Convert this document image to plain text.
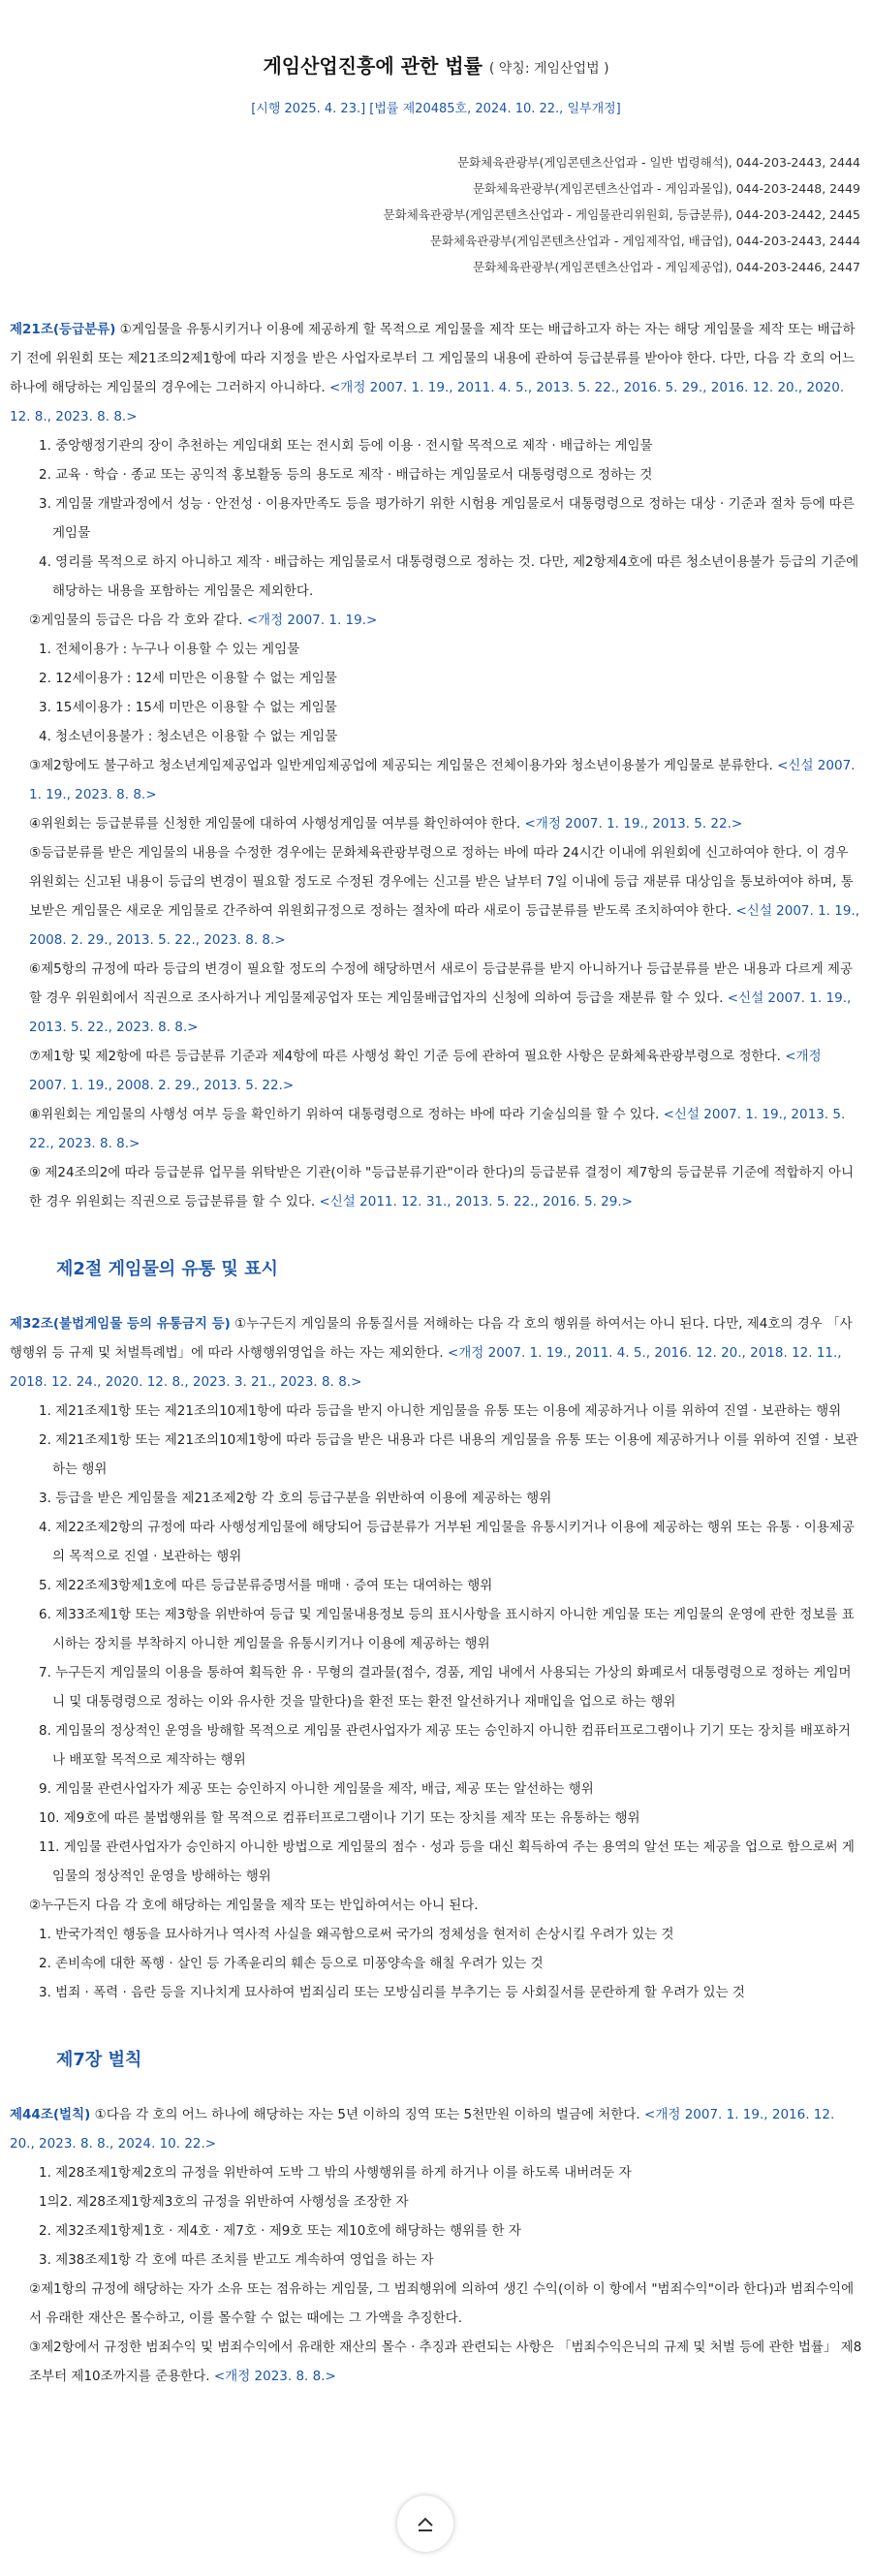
게임산업진흥에 관한 법률 ( 약칭: 게임산업법 )
[시행 2025. 4. 23.] [법률 제20485호, 2024. 10. 22., 일부개정]
문화체육관광부(게임콘텐츠산업과 - 일반 법령해석), 044-203-2443, 2444
문화체육관광부(게임콘텐츠산업과 - 게임과몰입), 044-203-2448, 2449
문화체육관광부(게임콘텐츠산업과 - 게임물관리위원회, 등급분류), 044-203-2442, 2445
문화체육관광부(게임콘텐츠산업과 - 게임제작업, 배급업), 044-203-2443, 2444
문화체육관광부(게임콘텐츠산업과 - 게임제공업), 044-203-2446, 2447

제21조(등급분류) ①게임물을 유통시키거나 이용에 제공하게 할 목적으로 게임물을 제작 또는 배급하고자 하는 자는 해당 게임물을 제작 또는 배급하기 전에 위원회 또는 제21조의2제1항에 따라 지정을 받은 사업자로부터 그 게임물의 내용에 관하여 등급분류를 받아야 한다. 다만, 다음 각 호의 어느 하나에 해당하는 게임물의 경우에는 그러하지 아니하다. <개정 2007. 1. 19., 2011. 4. 5., 2013. 5. 22., 2016. 5. 29., 2016. 12. 20., 2020. 12. 8., 2023. 8. 8.>

1. 중앙행정기관의 장이 추천하는 게임대회 또는 전시회 등에 이용 · 전시할 목적으로 제작 · 배급하는 게임물

2. 교육 · 학습 · 종교 또는 공익적 홍보활동 등의 용도로 제작 · 배급하는 게임물로서 대통령령으로 정하는 것

3. 게임물 개발과정에서 성능 · 안전성 · 이용자만족도 등을 평가하기 위한 시험용 게임물로서 대통령령으로 정하는 대상 · 기준과 절차 등에 따른 게임물

4. 영리를 목적으로 하지 아니하고 제작 · 배급하는 게임물로서 대통령령으로 정하는 것. 다만, 제2항제4호에 따른 청소년이용불가 등급의 기준에 해당하는 내용을 포함하는 게임물은 제외한다.

②게임물의 등급은 다음 각 호와 같다. <개정 2007. 1. 19.>

1. 전체이용가 : 누구나 이용할 수 있는 게임물

2. 12세이용가 : 12세 미만은 이용할 수 없는 게임물

3. 15세이용가 : 15세 미만은 이용할 수 없는 게임물

4. 청소년이용불가 : 청소년은 이용할 수 없는 게임물

③제2항에도 불구하고 청소년게임제공업과 일반게임제공업에 제공되는 게임물은 전체이용가와 청소년이용불가 게임물로 분류한다. <신설 2007. 1. 19., 2023. 8. 8.>

④위원회는 등급분류를 신청한 게임물에 대하여 사행성게임물 여부를 확인하여야 한다. <개정 2007. 1. 19., 2013. 5. 22.>

⑤등급분류를 받은 게임물의 내용을 수정한 경우에는 문화체육관광부령으로 정하는 바에 따라 24시간 이내에 위원회에 신고하여야 한다. 이 경우 위원회는 신고된 내용이 등급의 변경이 필요할 정도로 수정된 경우에는 신고를 받은 날부터 7일 이내에 등급 재분류 대상임을 통보하여야 하며, 통보받은 게임물은 새로운 게임물로 간주하여 위원회규정으로 정하는 절차에 따라 새로이 등급분류를 받도록 조치하여야 한다. <신설 2007. 1. 19., 2008. 2. 29., 2013. 5. 22., 2023. 8. 8.>

⑥제5항의 규정에 따라 등급의 변경이 필요할 정도의 수정에 해당하면서 새로이 등급분류를 받지 아니하거나 등급분류를 받은 내용과 다르게 제공할 경우 위원회에서 직권으로 조사하거나 게임물제공업자 또는 게임물배급업자의 신청에 의하여 등급을 재분류 할 수 있다. <신설 2007. 1. 19., 2013. 5. 22., 2023. 8. 8.>

⑦제1항 및 제2항에 따른 등급분류 기준과 제4항에 따른 사행성 확인 기준 등에 관하여 필요한 사항은 문화체육관광부령으로 정한다. <개정 2007. 1. 19., 2008. 2. 29., 2013. 5. 22.>

⑧위원회는 게임물의 사행성 여부 등을 확인하기 위하여 대통령령으로 정하는 바에 따라 기술심의를 할 수 있다. <신설 2007. 1. 19., 2013. 5. 22., 2023. 8. 8.>

⑨ 제24조의2에 따라 등급분류 업무를 위탁받은 기관(이하 "등급분류기관"이라 한다)의 등급분류 결정이 제7항의 등급분류 기준에 적합하지 아니한 경우 위원회는 직권으로 등급분류를 할 수 있다. <신설 2011. 12. 31., 2013. 5. 22., 2016. 5. 29.>

제2절 게임물의 유통 및 표시

제32조(불법게임물 등의 유통금지 등) ①누구든지 게임물의 유통질서를 저해하는 다음 각 호의 행위를 하여서는 아니 된다. 다만, 제4호의 경우 「사행행위 등 규제 및 처벌특례법」에 따라 사행행위영업을 하는 자는 제외한다. <개정 2007. 1. 19., 2011. 4. 5., 2016. 12. 20., 2018. 12. 11., 2018. 12. 24., 2020. 12. 8., 2023. 3. 21., 2023. 8. 8.>

1. 제21조제1항 또는 제21조의10제1항에 따라 등급을 받지 아니한 게임물을 유통 또는 이용에 제공하거나 이를 위하여 진열 · 보관하는 행위

2. 제21조제1항 또는 제21조의10제1항에 따라 등급을 받은 내용과 다른 내용의 게임물을 유통 또는 이용에 제공하거나 이를 위하여 진열 · 보관하는 행위

3. 등급을 받은 게임물을 제21조제2항 각 호의 등급구분을 위반하여 이용에 제공하는 행위

4. 제22조제2항의 규정에 따라 사행성게임물에 해당되어 등급분류가 거부된 게임물을 유통시키거나 이용에 제공하는 행위 또는 유통 · 이용제공의 목적으로 진열 · 보관하는 행위

5. 제22조제3항제1호에 따른 등급분류증명서를 매매 · 증여 또는 대여하는 행위

6. 제33조제1항 또는 제3항을 위반하여 등급 및 게임물내용정보 등의 표시사항을 표시하지 아니한 게임물 또는 게임물의 운영에 관한 정보를 표시하는 장치를 부착하지 아니한 게임물을 유통시키거나 이용에 제공하는 행위

7. 누구든지 게임물의 이용을 통하여 획득한 유 · 무형의 결과물(점수, 경품, 게임 내에서 사용되는 가상의 화폐로서 대통령령으로 정하는 게임머니 및 대통령령으로 정하는 이와 유사한 것을 말한다)을 환전 또는 환전 알선하거나 재매입을 업으로 하는 행위

8. 게임물의 정상적인 운영을 방해할 목적으로 게임물 관련사업자가 제공 또는 승인하지 아니한 컴퓨터프로그램이나 기기 또는 장치를 배포하거나 배포할 목적으로 제작하는 행위

9. 게임물 관련사업자가 제공 또는 승인하지 아니한 게임물을 제작, 배급, 제공 또는 알선하는 행위

10. 제9호에 따른 불법행위를 할 목적으로 컴퓨터프로그램이나 기기 또는 장치를 제작 또는 유통하는 행위

11. 게임물 관련사업자가 승인하지 아니한 방법으로 게임물의 점수 · 성과 등을 대신 획득하여 주는 용역의 알선 또는 제공을 업으로 함으로써 게임물의 정상적인 운영을 방해하는 행위

②누구든지 다음 각 호에 해당하는 게임물을 제작 또는 반입하여서는 아니 된다.

1. 반국가적인 행동을 묘사하거나 역사적 사실을 왜곡함으로써 국가의 정체성을 현저히 손상시킬 우려가 있는 것

2. 존비속에 대한 폭행 · 살인 등 가족윤리의 훼손 등으로 미풍양속을 해칠 우려가 있는 것

3. 범죄 · 폭력 · 음란 등을 지나치게 묘사하여 범죄심리 또는 모방심리를 부추기는 등 사회질서를 문란하게 할 우려가 있는 것

제7장 벌칙

제44조(벌칙) ①다음 각 호의 어느 하나에 해당하는 자는 5년 이하의 징역 또는 5천만원 이하의 벌금에 처한다. <개정 2007. 1. 19., 2016. 12. 20., 2023. 8. 8., 2024. 10. 22.>

1. 제28조제1항제2호의 규정을 위반하여 도박 그 밖의 사행행위를 하게 하거나 이를 하도록 내버려둔 자

1의2. 제28조제1항제3호의 규정을 위반하여 사행성을 조장한 자

2. 제32조제1항제1호 · 제4호 · 제7호 · 제9호 또는 제10호에 해당하는 행위를 한 자

3. 제38조제1항 각 호에 따른 조치를 받고도 계속하여 영업을 하는 자

②제1항의 규정에 해당하는 자가 소유 또는 점유하는 게임물, 그 범죄행위에 의하여 생긴 수익(이하 이 항에서 "범죄수익"이라 한다)과 범죄수익에서 유래한 재산은 몰수하고, 이를 몰수할 수 없는 때에는 그 가액을 추징한다.

③제2항에서 규정한 범죄수익 및 범죄수익에서 유래한 재산의 몰수 · 추징과 관련되는 사항은 「범죄수익은닉의 규제 및 처벌 등에 관한 법률」 제8조부터 제10조까지를 준용한다. <개정 2023. 8. 8.>
